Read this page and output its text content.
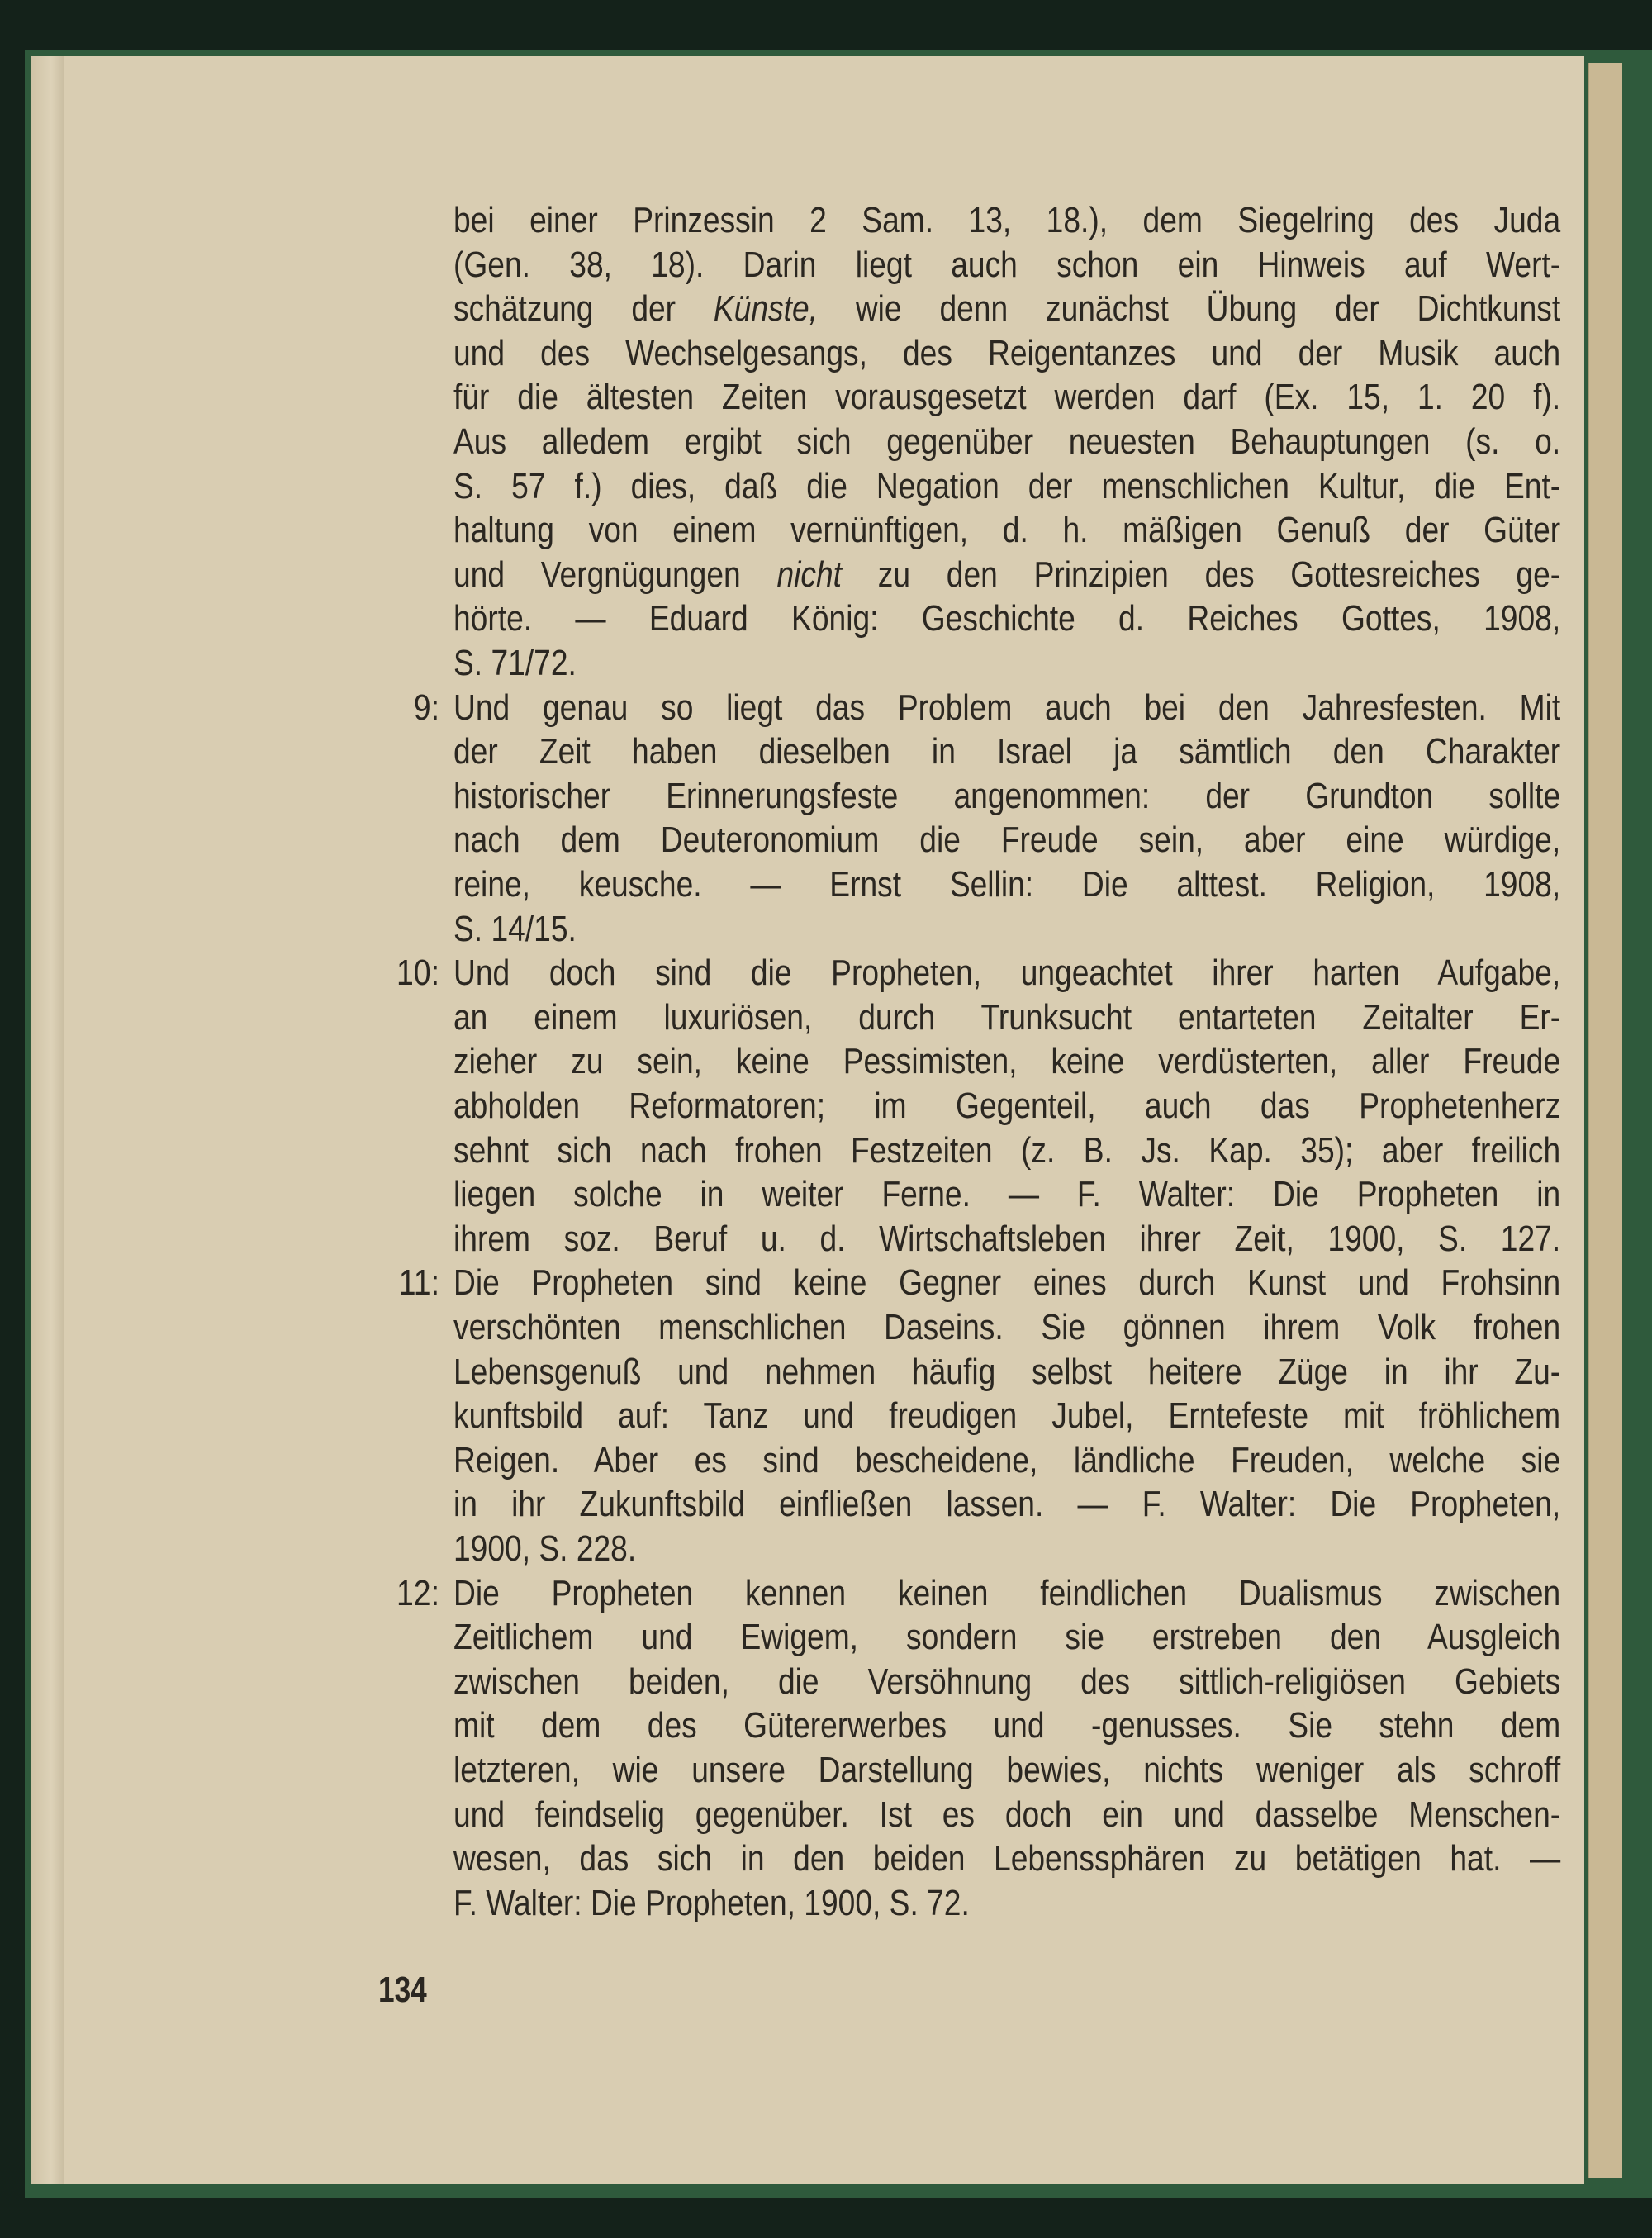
bei einer Prinzessin 2 Sam. 13, 18.), dem Siegelring des Juda
(Gen. 38, 18). Darin liegt auch schon ein Hinweis auf Wert-
schätzung der Künste, wie denn zunächst Übung der Dichtkunst
und des Wechselgesangs, des Reigentanzes und der Musik auch
für die ältesten Zeiten vorausgesetzt werden darf (Ex. 15, 1. 20 f).
Aus alledem ergibt sich gegenüber neuesten Behauptungen (s. o.
S. 57 f.) dies, daß die Negation der menschlichen Kultur, die Ent-
haltung von einem vernünftigen, d. h. mäßigen Genuß der Güter
und Vergnügungen nicht zu den Prinzipien des Gottesreiches ge-
hörte. — Eduard König: Geschichte d. Reiches Gottes, 1908,
S. 71/72.
9: Und genau so liegt das Problem auch bei den Jahresfesten. Mit
der Zeit haben dieselben in Israel ja sämtlich den Charakter
historischer Erinnerungsfeste angenommen: der Grundton sollte
nach dem Deuteronomium die Freude sein, aber eine würdige,
reine, keusche. — Ernst Sellin: Die alttest. Religion, 1908,
S. 14/15.
10: Und doch sind die Propheten, ungeachtet ihrer harten Aufgabe,
an einem luxuriösen, durch Trunksucht entarteten Zeitalter Er-
zieher zu sein, keine Pessimisten, keine verdüsterten, aller Freude
abholden Reformatoren; im Gegenteil, auch das Prophetenherz
sehnt sich nach frohen Festzeiten (z. B. Js. Kap. 35); aber freilich
liegen solche in weiter Ferne. — F. Walter: Die Propheten in
ihrem soz. Beruf u. d. Wirtschaftsleben ihrer Zeit, 1900, S. 127.
11: Die Propheten sind keine Gegner eines durch Kunst und Frohsinn
verschönten menschlichen Daseins. Sie gönnen ihrem Volk frohen
Lebensgenuß und nehmen häufig selbst heitere Züge in ihr Zu-
kunftsbild auf: Tanz und freudigen Jubel, Erntefeste mit fröhlichem
Reigen. Aber es sind bescheidene, ländliche Freuden, welche sie
in ihr Zukunftsbild einfließen lassen. — F. Walter: Die Propheten,
1900, S. 228.
12: Die Propheten kennen keinen feindlichen Dualismus zwischen
Zeitlichem und Ewigem, sondern sie erstreben den Ausgleich
zwischen beiden, die Versöhnung des sittlich-religiösen Gebiets
mit dem des Gütererwerbes und -genusses. Sie stehn dem
letzteren, wie unsere Darstellung bewies, nichts weniger als schroff
und feindselig gegenüber. Ist es doch ein und dasselbe Menschen-
wesen, das sich in den beiden Lebenssphären zu betätigen hat. —
F. Walter: Die Propheten, 1900, S. 72.
134
